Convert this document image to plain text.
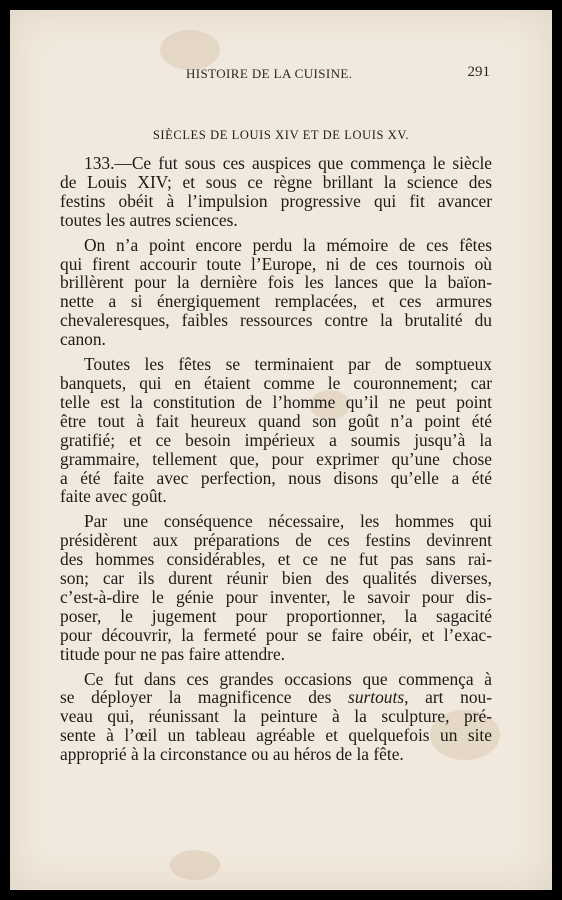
HISTOIRE DE LA CUISINE.	291
SIÈCLES DE LOUIS XIV ET DE LOUIS XV.

133.—Ce fut sous ces auspices que commença le siècle
de Louis XIV; et sous ce règne brillant la science des
festins obéit à l’impulsion progressive qui fit avancer
toutes les autres sciences.

On n’a point encore perdu la mémoire de ces fêtes
qui firent accourir toute l’Europe, ni de ces tournois où
brillèrent pour la dernière fois les lances que la baïon-
nette a si énergiquement remplacées, et ces armures
chevaleresques, faibles ressources contre la brutalité du
canon.

Toutes les fêtes se terminaient par de somptueux
banquets, qui en étaient comme le couronnement; car
telle est la constitution de l’homme qu’il ne peut point
être tout à fait heureux quand son goût n’a point été
gratifié; et ce besoin impérieux a soumis jusqu’à la
grammaire, tellement que, pour exprimer qu’une chose
a été faite avec perfection, nous disons qu’elle a été
faite avec goût.

Par une conséquence nécessaire, les hommes qui
présidèrent aux préparations de ces festins devinrent
des hommes considérables, et ce ne fut pas sans rai-
son; car ils durent réunir bien des qualités diverses,
c’est-à-dire le génie pour inventer, le savoir pour dis-
poser, le jugement pour proportionner, la sagacité
pour découvrir, la fermeté pour se faire obéir, et l’exac-
titude pour ne pas faire attendre.

Ce fut dans ces grandes occasions que commença à
se déployer la magnificence des surtouts, art nou-
veau qui, réunissant la peinture à la sculpture, pré-
sente à l’œil un tableau agréable et quelquefois un site
approprié à la circonstance ou au héros de la fête.
